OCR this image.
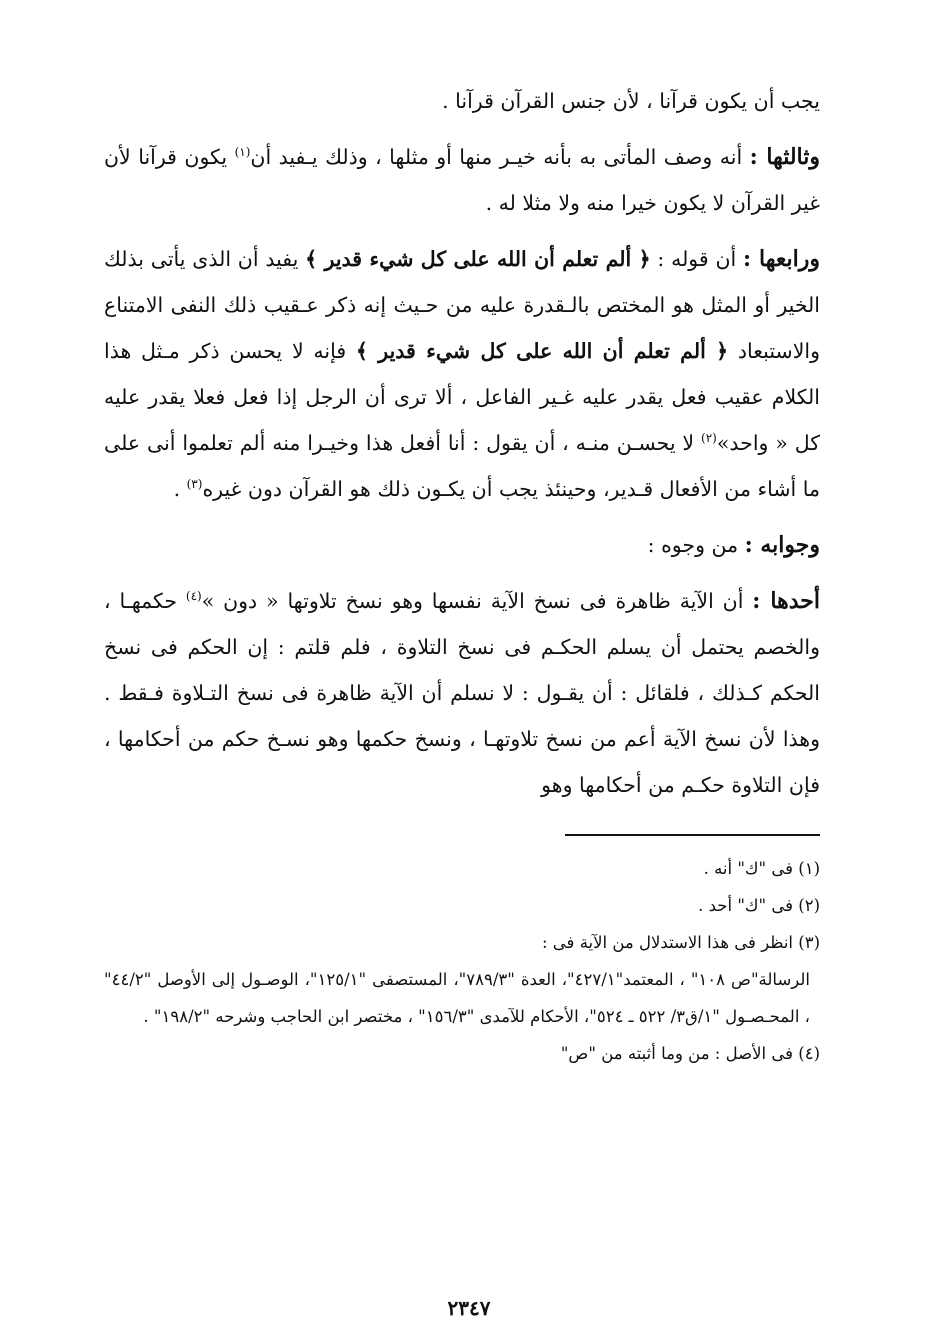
يجب أن يكون قرآنا ، لأن جنس القرآن قرآنا .

وثالثها : أنه وصف المأتى به بأنه خيـر منها أو مثلها ، وذلك يـفيد أن$^{(١)}$ يكون قرآنا لأن غير القرآن لا يكون خيرا منه ولا مثلا له .

ورابعها : أن قوله : ﴿ ألم تعلم أن الله على كل شيء قدير ﴾ يفيد أن الذى يأتى بذلك الخير أو المثل هو المختص بالـقدرة عليه من حـيث إنه ذكر عـقيب ذلك النفى الامتناع والاستبعاد ﴿ ألم تعلم أن الله على كل شيء قدير ﴾ فإنه لا يحسن ذكر مـثل هذا الكلام عقيب فعل يقدر عليه غـير الفاعل ، ألا ترى أن الرجل إذا فعل فعلا يقدر عليه كل « واحد»$^{(٢)}$ لا يحسـن منـه ، أن يقول : أنا أفعل هذا وخيـرا منه ألم تعلموا أنى على ما أشاء من الأفعال قـدير، وحينئذ يجب أن يكـون ذلك هو القرآن دون غيره$^{(٣)}$ .

وجوابه : من وجوه :

أحدها : أن الآية ظاهرة فى نسخ الآية نفسها وهو نسخ تلاوتها « دون »$^{(٤)}$ حكمهـا ، والخصم يحتمل أن يسلم الحكـم فى نسخ التلاوة ، فلم قلتم : إن الحكم فى نسخ الحكم كـذلك ، فلقائل : أن يقـول : لا نسلم أن الآية ظاهرة فى نسخ التـلاوة فـقط . وهذا لأن نسخ الآية أعم من نسخ تلاوتهـا ، ونسخ حكمها وهو نسـخ حكم من أحكامها ، فإن التلاوة حكـم من أحكامها وهو

(١) فى "ك" أنه .

(٢) فى "ك" أحد .

(٣) انظر فى هذا الاستدلال من الآية فى :

الرسالة"ص ١٠٨" ، المعتمد"٤٢٧/١"، العدة "٧٨٩/٣"، المستصفى "١٢٥/١"، الوصـول إلى الأوصل "٤٤/٢" ، المحـصـول "١/ق٣/ ٥٢٢ ـ ٥٢٤"، الأحكام للآمدى "١٥٦/٣" ، مختصر ابن الحاجب وشرحه "١٩٨/٢" .

(٤) فى الأصل : من وما أثبته من "ص"

٢٣٤٧
